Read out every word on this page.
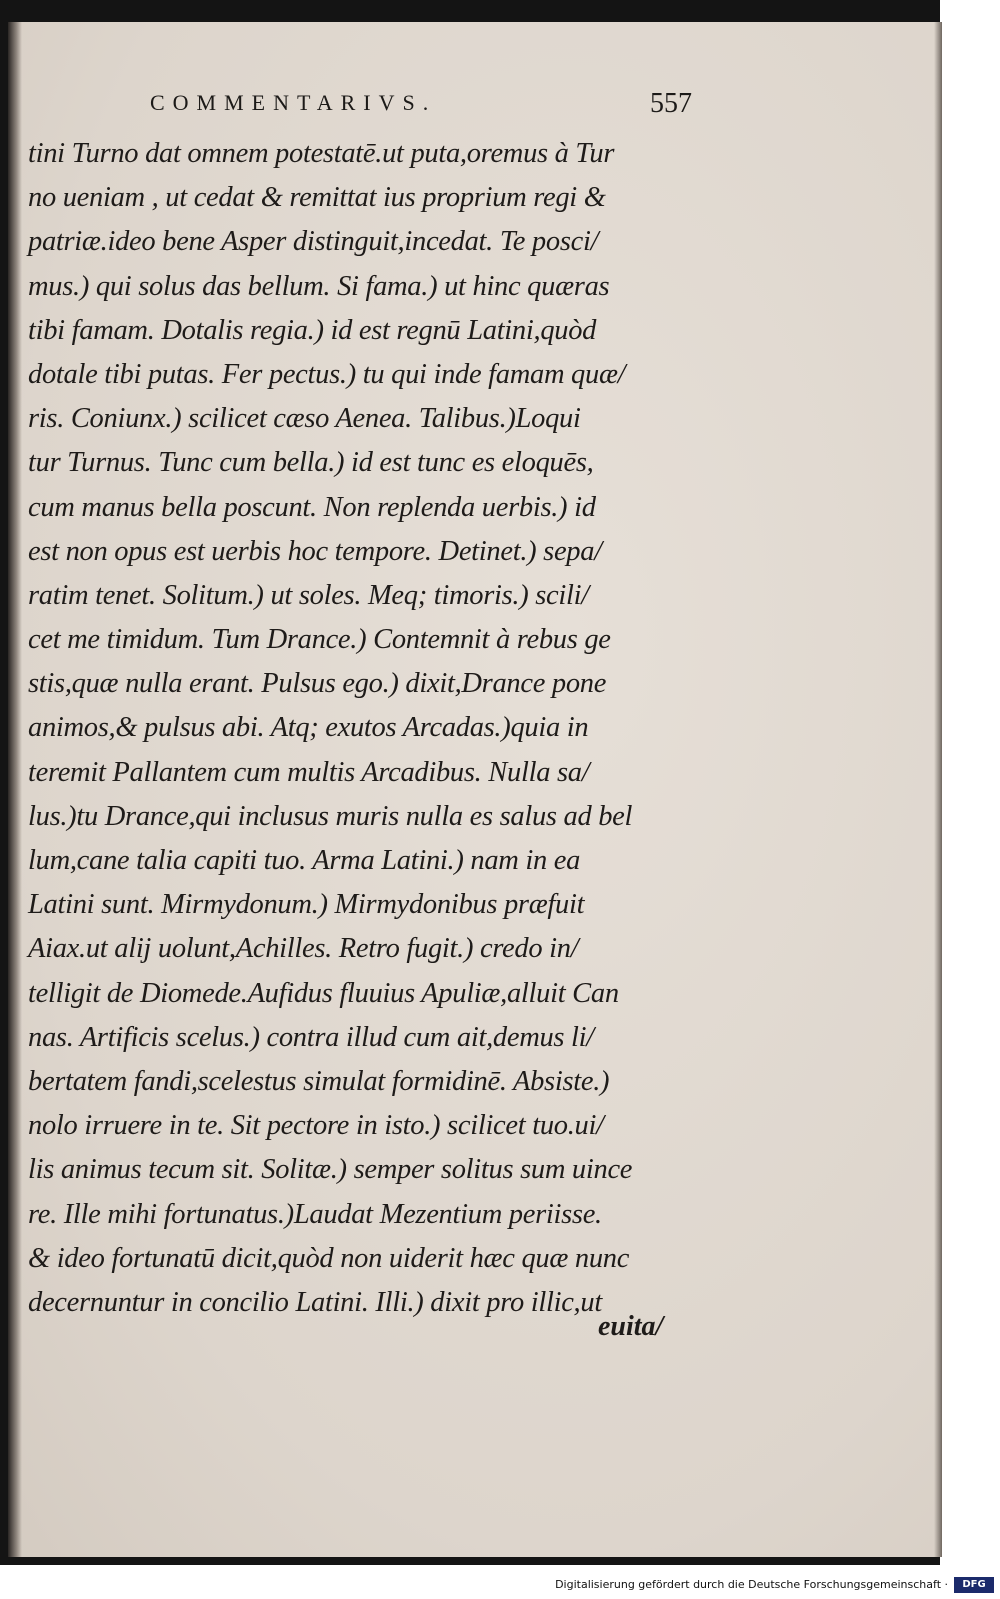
COMMENTARIVS.	557
tini Turno dat omnem potestatē.ut puta,oremus à Tur
no ueniam , ut cedat & remittat ius proprium regi &
patriæ.ideo bene Asper distinguit,incedat. Te posci/
mus.) qui solus das bellum. Si fama.) ut hinc quæras
tibi famam. Dotalis regia.) id est regnū Latini,quòd
dotale tibi putas. Fer pectus.) tu qui inde famam quæ/
ris. Coniunx.) scilicet cæso Aenea. Talibus.)Loqui
tur Turnus. Tunc cum bella.) id est tunc es eloquēs,
cum manus bella poscunt. Non replenda uerbis.) id
est non opus est uerbis hoc tempore. Detinet.) sepa/
ratim tenet. Solitum.) ut soles. Meq; timoris.) scili/
cet me timidum. Tum Drance.) Contemnit à rebus ge
stis,quæ nulla erant. Pulsus ego.) dixit,Drance pone
animos,& pulsus abi. Atq; exutos Arcadas.)quia in
teremit Pallantem cum multis Arcadibus. Nulla sa/
lus.)tu Drance,qui inclusus muris nulla es salus ad bel
lum,cane talia capiti tuo. Arma Latini.) nam in ea
Latini sunt. Mirmydonum.) Mirmydonibus præfuit
Aiax.ut alij uolunt,Achilles. Retro fugit.) credo in/
telligit de Diomede.Aufidus fluuius Apuliæ,alluit Can
nas. Artificis scelus.) contra illud cum ait,demus li/
bertatem fandi,scelestus simulat formidinē. Absiste.)
nolo irruere in te. Sit pectore in isto.) scilicet tuo.ui/
lis animus tecum sit. Solitæ.) semper solitus sum uince
re. Ille mihi fortunatus.)Laudat Mezentium periisse.
& ideo fortunatū dicit,quòd non uiderit hæc quæ nunc
decernuntur in concilio Latini. Illi.) dixit pro illic,ut
euita/
Digitalisierung gefördert durch die Deutsche Forschungsgemeinschaft ·	DFG
